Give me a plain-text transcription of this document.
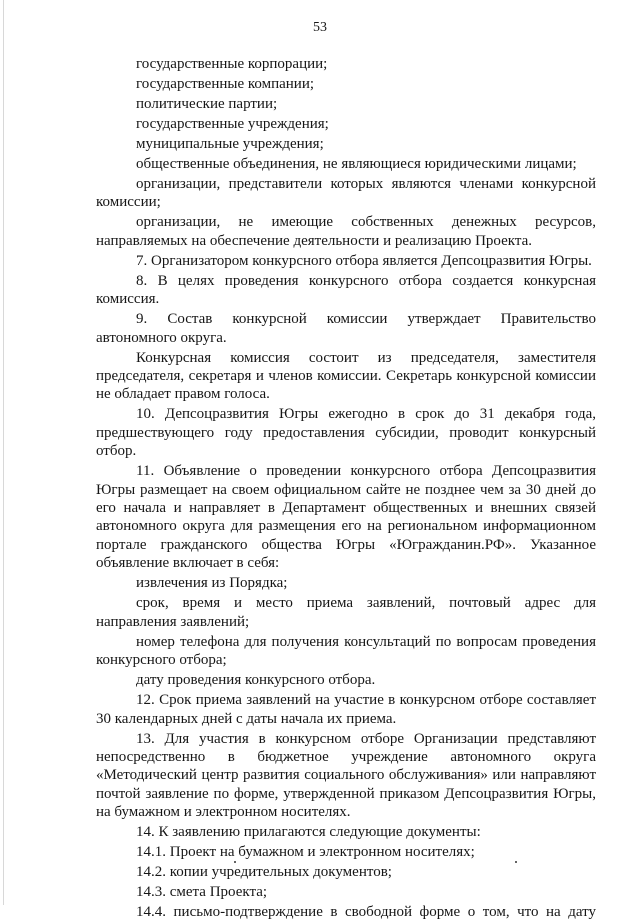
53

государственные корпорации;

государственные компании;

политические партии;

государственные учреждения;

муниципальные учреждения;

общественные объединения, не являющиеся юридическими лицами;

организации, представители которых являются членами конкурсной комиссии;

организации, не имеющие собственных денежных ресурсов, направляемых на обеспечение деятельности и реализацию Проекта.

7. Организатором конкурсного отбора является Депсоцразвития Югры.

8. В целях проведения конкурсного отбора создается конкурсная комиссия.

9. Состав конкурсной комиссии утверждает Правительство автономного округа.

Конкурсная комиссия состоит из председателя, заместителя председателя, секретаря и членов комиссии. Секретарь конкурсной комиссии не обладает правом голоса.

10. Депсоцразвития Югры ежегодно в срок до 31 декабря года, предшествующего году предоставления субсидии, проводит конкурсный отбор.

11. Объявление о проведении конкурсного отбора Депсоцразвития Югры размещает на своем официальном сайте не позднее чем за 30 дней до его начала и направляет в Департамент общественных и внешних связей автономного округа для размещения его на региональном информационном портале гражданского общества Югры «Югражданин.РФ». Указанное объявление включает в себя:

извлечения из Порядка;

срок, время и место приема заявлений, почтовый адрес для направления заявлений;

номер телефона для получения консультаций по вопросам проведения конкурсного отбора;

дату проведения конкурсного отбора.

12. Срок приема заявлений на участие в конкурсном отборе составляет 30 календарных дней с даты начала их приема.

13. Для участия в конкурсном отборе Организации представляют непосредственно в бюджетное учреждение автономного округа «Методический центр развития социального обслуживания» или направляют почтой заявление по форме, утвержденной приказом Депсоцразвития Югры, на бумажном и электронном носителях.

14. К заявлению прилагаются следующие документы:

14.1. Проект на бумажном и электронном носителях;

14.2. копии учредительных документов;

14.3. смета Проекта;

14.4. письмо-подтверждение в свободной форме о том, что на дату
